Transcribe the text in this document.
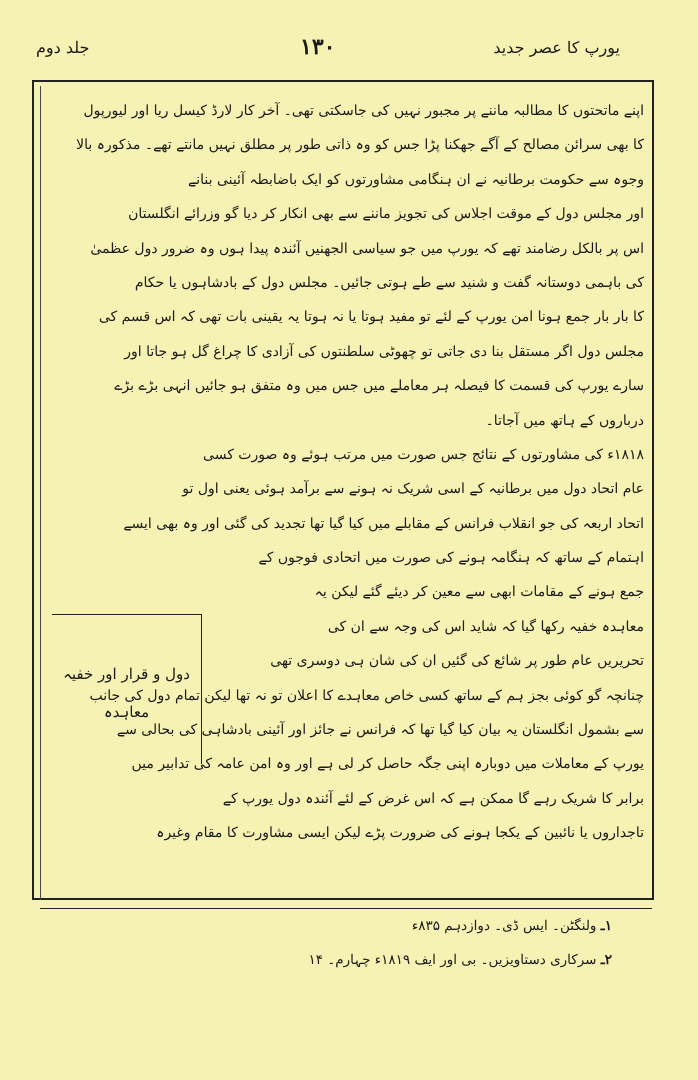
جلد دوم	۱۳۰	یورپ کا عصر جدید
اپنے ماتحتوں کا مطالبہ ماننے پر مجبور نہیں کی جاسکتی تھی۔ آخر کار لارڈ کیسل ریا اور لیورپول
کا بھی سرائن مصالح کے آگے جھکنا پڑا جس کو وہ ذاتی طور پر مطلق نہیں مانتے تھے۔ مذکورہ بالا
وجوہ سے حکومت برطانیہ نے ان ہنگامی مشاورتوں کو ایک باضابطہ آئینی بنانے
اور مجلس دول کے موقت اجلاس کی تجویز ماننے سے بھی انکار کر دیا گو وزرائے انگلستان
اس پر بالکل رضامند تھے کہ یورپ میں جو سیاسی الجھنیں آئندہ پیدا ہوں وہ ضرور دول عظمیٰ
کی باہمی دوستانہ گفت و شنید سے طے ہوتی جائیں۔ مجلس دول کے بادشاہوں یا حکام
کا بار بار جمع ہونا امن یورپ کے لئے تو مفید ہوتا یا نہ ہوتا یہ یقینی بات تھی کہ اس قسم کی
مجلس دول اگر مستقل بنا دی جاتی تو چھوٹی سلطنتوں کی آزادی کا چراغ گل ہو جاتا اور
سارے یورپ کی قسمت کا فیصلہ ہر معاملے میں جس میں وہ متفق ہو جائیں انہی بڑے بڑے
درباروں کے ہاتھ میں آجاتا۔
۱۸۱۸ء کی مشاورتوں کے نتائج جس صورت میں مرتب ہوئے وہ صورت کسی
عام اتحاد دول میں برطانیہ کے اسی شریک نہ ہونے سے برآمد ہوئی یعنی اول تو
اتحاد اربعہ کی جو انقلاب فرانس کے مقابلے میں کیا گیا تھا تجدید کی گئی اور وہ بھی ایسے
اہتمام کے ساتھ کہ ہنگامہ ہونے کی صورت میں اتحادی فوجوں کے
جمع ہونے کے مقامات ابھی سے معین کر دیئے گئے لیکن یہ
معاہدہ خفیہ رکھا گیا کہ شاید اس کی وجہ سے ان کی
تحریریں عام طور پر شائع کی گئیں ان کی شان ہی دوسری تھی
چنانچہ گو کوئی بجز ہم کے ساتھ کسی خاص معاہدے کا اعلان تو نہ تھا لیکن تمام دول کی جانب
سے بشمول انگلستان یہ بیان کیا گیا تھا کہ فرانس نے جائز اور آئینی بادشاہی کی بحالی سے
یورپ کے معاملات میں دوبارہ اپنی جگہ حاصل کر لی ہے اور وہ امن عامہ کی تدابیر میں
برابر کا شریک رہے گا ممکن ہے کہ اس غرض کے لئے آئندہ دول یورپ کے
تاجداروں یا نائبین کے یکجا ہونے کی ضرورت پڑے لیکن ایسی مشاورت کا مقام وغیرہ
دول و قرار اور خفیہ
معاہدہ
۱ـ ولنگٹن۔ ایس ڈی۔ دوازدہم ۸۳۵ء
۲ـ سرکاری دستاویزیں۔ بی اور ایف ۱۸۱۹ء چہارم۔ ۱۴
